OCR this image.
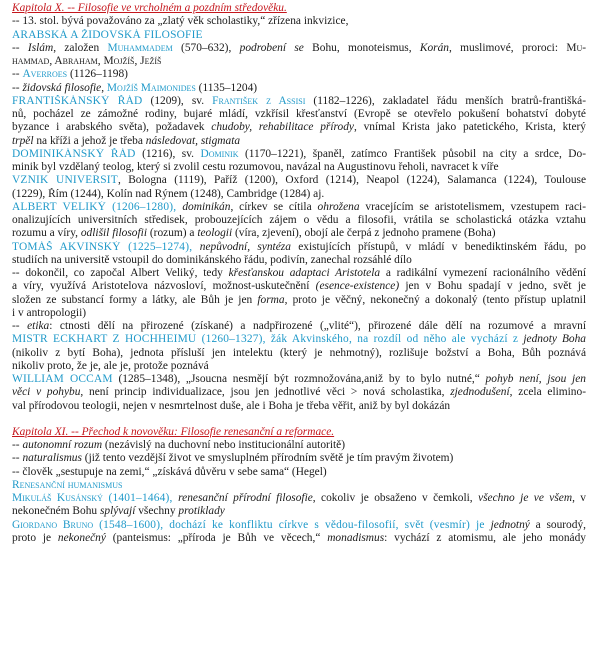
Kapitola X. -- Filosofie ve vrcholném a pozdním středověku.
-- 13. stol. bývá považováno za „zlatý věk scholastiky,“ zřízena inkvizice,
ARABSKÁ A ŽIDOVSKÁ FILOSOFIE
-- Islám, založen Muhammadem (570–632), podrobení se Bohu, monoteismus, Korán, muslimové, proroci: Mu-
hammad, Abraham, Mojžíš, Ježíš
-- Averroes (1126–1198)
-- židovská filosofie, Mojžíš Maimonides (1135–1204)
FRANTIŠKÁNSKÝ ŘÁD (1209), sv. František z Assisi (1182–1226), zakladatel řádu menších bratrů-františká-
nů, pocházel ze zámožné rodiny, bujaré mládí, vzkřísil křesťanství (Evropě se otevřelo pokušení bohatství dobyté
byzance i arabského světa), požadavek chudoby, rehabilitace přírody, vnímal Krista jako patetického, Krista, který
trpěl na kříži a jehož je třeba následovat, stigmata
DOMINIKÁNSKÝ ŘÁD (1216), sv. Dominik (1170–1221), španěl, zatímco František působil na city a srdce, Do-
minik byl vzdělaný teolog, který si zvolil cestu rozumovou, navázal na Augustinovu řeholi, navracet k víře
VZNIK UNIVERSIT, Bologna (1119), Paříž (1200), Oxford (1214), Neapol (1224), Salamanca (1224), Toulouse
(1229), Řím (1244), Kolín nad Rýnem (1248), Cambridge (1284) aj.
ALBERT VELIKÝ (1206–1280), dominikán, církev se cítila ohrožena vracejícím se aristotelismem, vzestupem raci-
onalizujících universitních středisek, probouzejících zájem o vědu a filosofii, vrátila se scholastická otázka vztahu
rozumu a víry, odlišil filosofii (rozum) a teologii (víra, zjevení), obojí ale čerpá z jednoho pramene (Boha)
TOMÁŠ AKVINSKÝ (1225–1274), nepůvodní, syntéza existujících přístupů, v mládí v benediktinském řádu, po
studiích na universitě vstoupil do dominikánského řádu, podivín, zanechal rozsáhlé dílo
-- dokončil, co započal Albert Veliký, tedy křesťanskou adaptaci Aristotela a radikální vymezení racionálního vědění
a víry, využívá Aristotelova názvosloví, možnost-uskutečnění (esence-existence) jen v Bohu spadají v jedno, svět je
složen ze substancí formy a látky, ale Bůh je jen forma, proto je věčný, nekonečný a dokonalý (tento přístup uplatnil
i v antropologii)
-- etika: ctnosti dělí na přirozené (získané) a nadpřirozené („vlité“), přirozené dále dělí na rozumové a mravní
MISTR ECKHART Z HOCHHEIMU (1260–1327), žák Akvinského, na rozdíl od něho ale vychází z jednoty Boha
(nikoliv z bytí Boha), jednota přísluší jen intelektu (který je nehmotný), rozlišuje božství a Boha, Bůh poznává
nikoliv proto, že je, ale je, protože poznává
WILLIAM OCCAM (1285–1348), „Jsoucna nesmějí být rozmnožována,aniž by to bylo nutné,“ pohyb není, jsou jen
věci v pohybu, není princip individualizace, jsou jen jednotlivé věci > nová scholastika, zjednodušení, zcela elimino-
val přírodovou teologii, nejen v nesmrtelnost duše, ale i Boha je třeba věřit, aniž by byl dokázán
Kapitola XI. -- Přechod k novověku: Filosofie renesanční a reformace.
-- autonomní rozum (nezávislý na duchovní nebo institucionální autoritě)
-- naturalismus (již tento vezdější život ve smysluplném přírodním světě je tím pravým životem)
-- člověk „sestupuje na zemi,“ „získává důvěru v sebe sama“ (Hegel)
Renesanční humanismus
Mikuláš Kusánský (1401–1464), renesanční přírodní filosofie, cokoliv je obsaženo v čemkoli, všechno je ve všem, v
nekonečném Bohu splývají všechny protiklady
Giordano Bruno (1548–1600), dochází ke konfliktu církve s vědou-filosofií, svět (vesmír) je jednotný a sourodý,
proto je nekonečný (panteismus: „příroda je Bůh ve věcech,“ monadismus: vychází z atomismu, ale jeho monády
